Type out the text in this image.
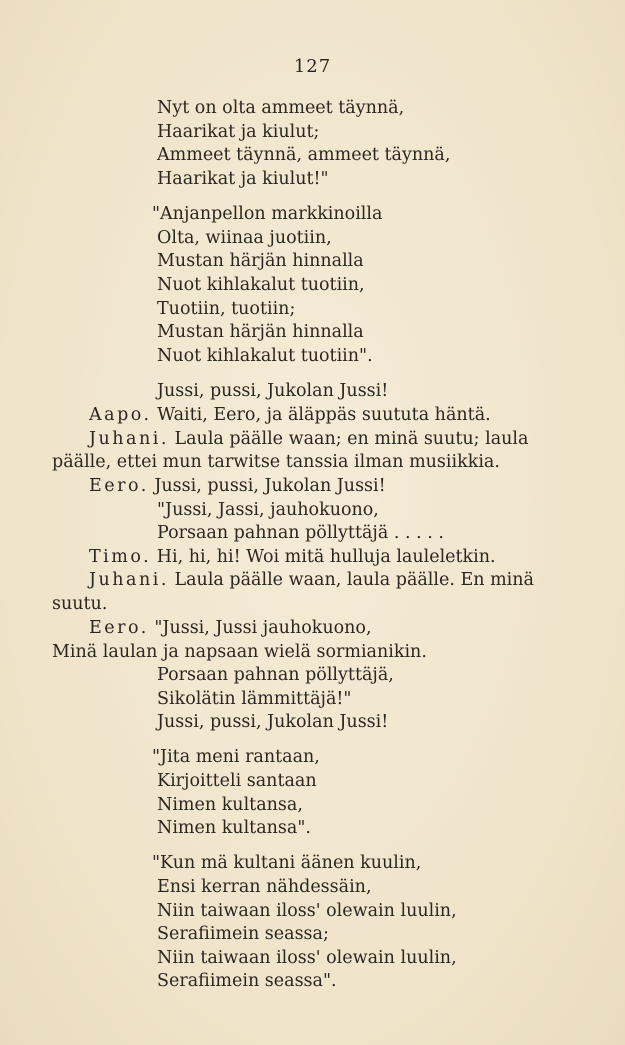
127
Nyt on olta ammeet täynnä,
Haarikat ja kiulut;
Ammeet täynnä, ammeet täynnä,
Haarikat ja kiulut!"
"Anjanpellon markkinoilla
Olta, wiinaa juotiin,
Mustan härjän hinnalla
Nuot kihlakalut tuotiin,
Tuotiin, tuotiin;
Mustan härjän hinnalla
Nuot kihlakalut tuotiin".
Jussi, pussi, Jukolan Jussi!
Aapo. Waiti, Eero, ja äläppäs suututa häntä.
Juhani. Laula päälle waan; en minä suutu; laula
päälle, ettei mun tarwitse tanssia ilman musiikkia.
Eero. Jussi, pussi, Jukolan Jussi!
"Jussi, Jassi, jauhokuono,
Porsaan pahnan pöllyttäjä . . . . .
Timo. Hi, hi, hi! Woi mitä hulluja lauleletkin.
Juhani. Laula päälle waan, laula päälle. En minä
suutu.
Eero. "Jussi, Jussi jauhokuono,
Minä laulan ja napsaan wielä sormianikin.
Porsaan pahnan pöllyttäjä,
Sikolätin lämmittäjä!"
Jussi, pussi, Jukolan Jussi!
"Jita meni rantaan,
Kirjoitteli santaan
Nimen kultansa,
Nimen kultansa".
"Kun mä kultani äänen kuulin,
Ensi kerran nähdessäin,
Niin taiwaan iloss' olewain luulin,
Serafiimein seassa;
Niin taiwaan iloss' olewain luulin,
Serafiimein seassa".
